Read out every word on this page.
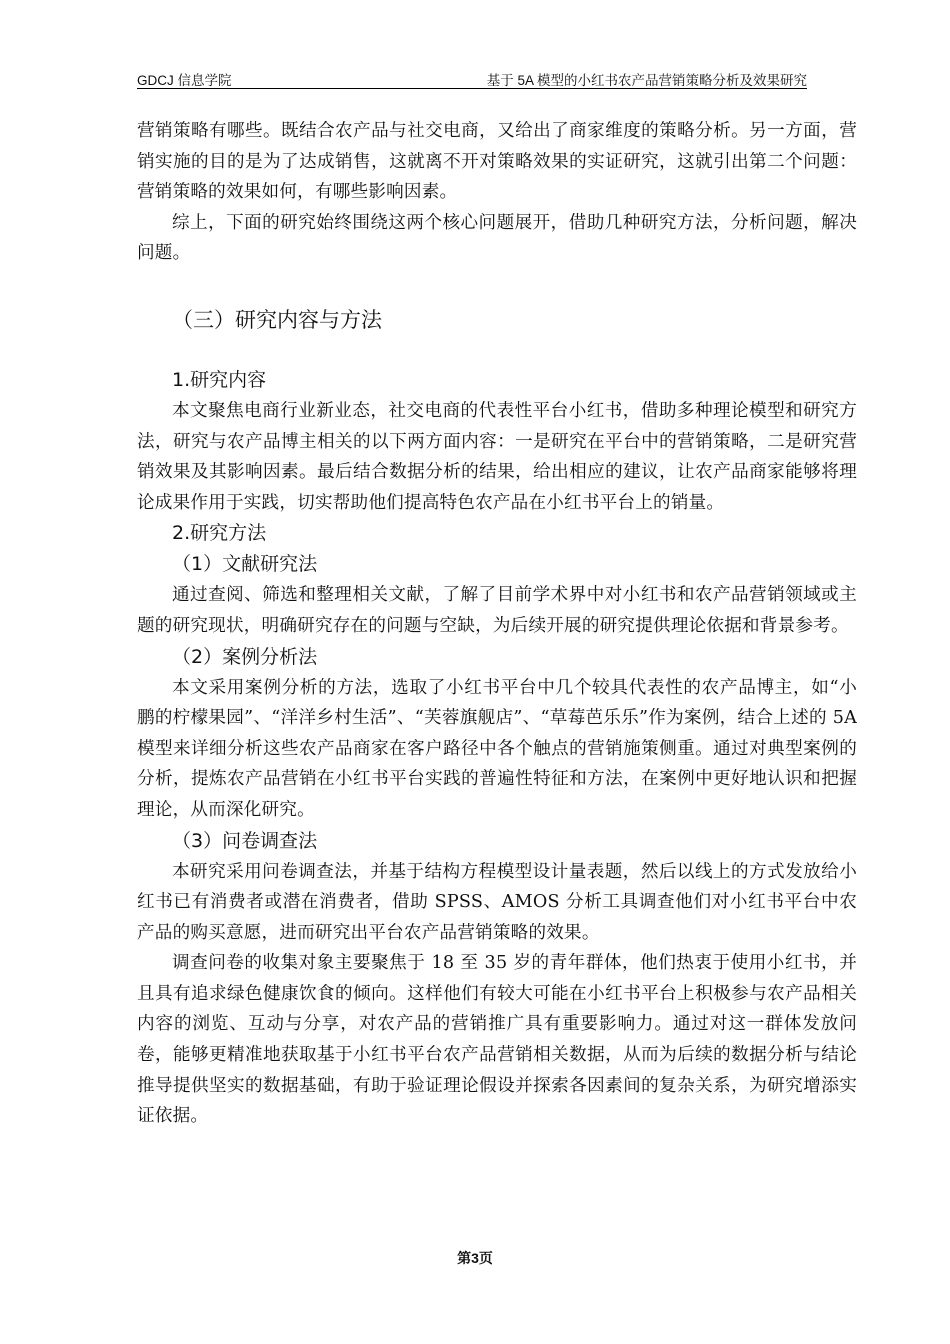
GDCJ 信息学院	基于 5A 模型的小红书农产品营销策略分析及效果研究

营销策略有哪些。既结合农产品与社交电商，又给出了商家维度的策略分析。另一方面，营销实施的目的是为了达成销售，这就离不开对策略效果的实证研究，这就引出第二个问题：营销策略的效果如何，有哪些影响因素。

综上，下面的研究始终围绕这两个核心问题展开，借助几种研究方法，分析问题，解决问题。

（三）研究内容与方法
1.研究内容

本文聚焦电商行业新业态，社交电商的代表性平台小红书，借助多种理论模型和研究方法，研究与农产品博主相关的以下两方面内容：一是研究在平台中的营销策略，二是研究营销效果及其影响因素。最后结合数据分析的结果，给出相应的建议，让农产品商家能够将理论成果作用于实践，切实帮助他们提高特色农产品在小红书平台上的销量。

2.研究方法
（1）文献研究法

通过查阅、筛选和整理相关文献，了解了目前学术界中对小红书和农产品营销领域或主题的研究现状，明确研究存在的问题与空缺，为后续开展的研究提供理论依据和背景参考。

（2）案例分析法

本文采用案例分析的方法，选取了小红书平台中几个较具代表性的农产品博主，如“小鹏的柠檬果园”、“洋洋乡村生活”、“芙蓉旗舰店”、“草莓芭乐乐”作为案例，结合上述的 5A 模型来详细分析这些农产品商家在客户路径中各个触点的营销施策侧重。通过对典型案例的分析，提炼农产品营销在小红书平台实践的普遍性特征和方法，在案例中更好地认识和把握理论，从而深化研究。

（3）问卷调查法

本研究采用问卷调查法，并基于结构方程模型设计量表题，然后以线上的方式发放给小红书已有消费者或潜在消费者，借助 SPSS、AMOS 分析工具调查他们对小红书平台中农产品的购买意愿，进而研究出平台农产品营销策略的效果。

调查问卷的收集对象主要聚焦于 18 至 35 岁的青年群体，他们热衷于使用小红书，并且具有追求绿色健康饮食的倾向。这样他们有较大可能在小红书平台上积极参与农产品相关内容的浏览、互动与分享，对农产品的营销推广具有重要影响力。通过对这一群体发放问卷，能够更精准地获取基于小红书平台农产品营销相关数据，从而为后续的数据分析与结论推导提供坚实的数据基础，有助于验证理论假设并探索各因素间的复杂关系，为研究增添实证依据。

第3页
